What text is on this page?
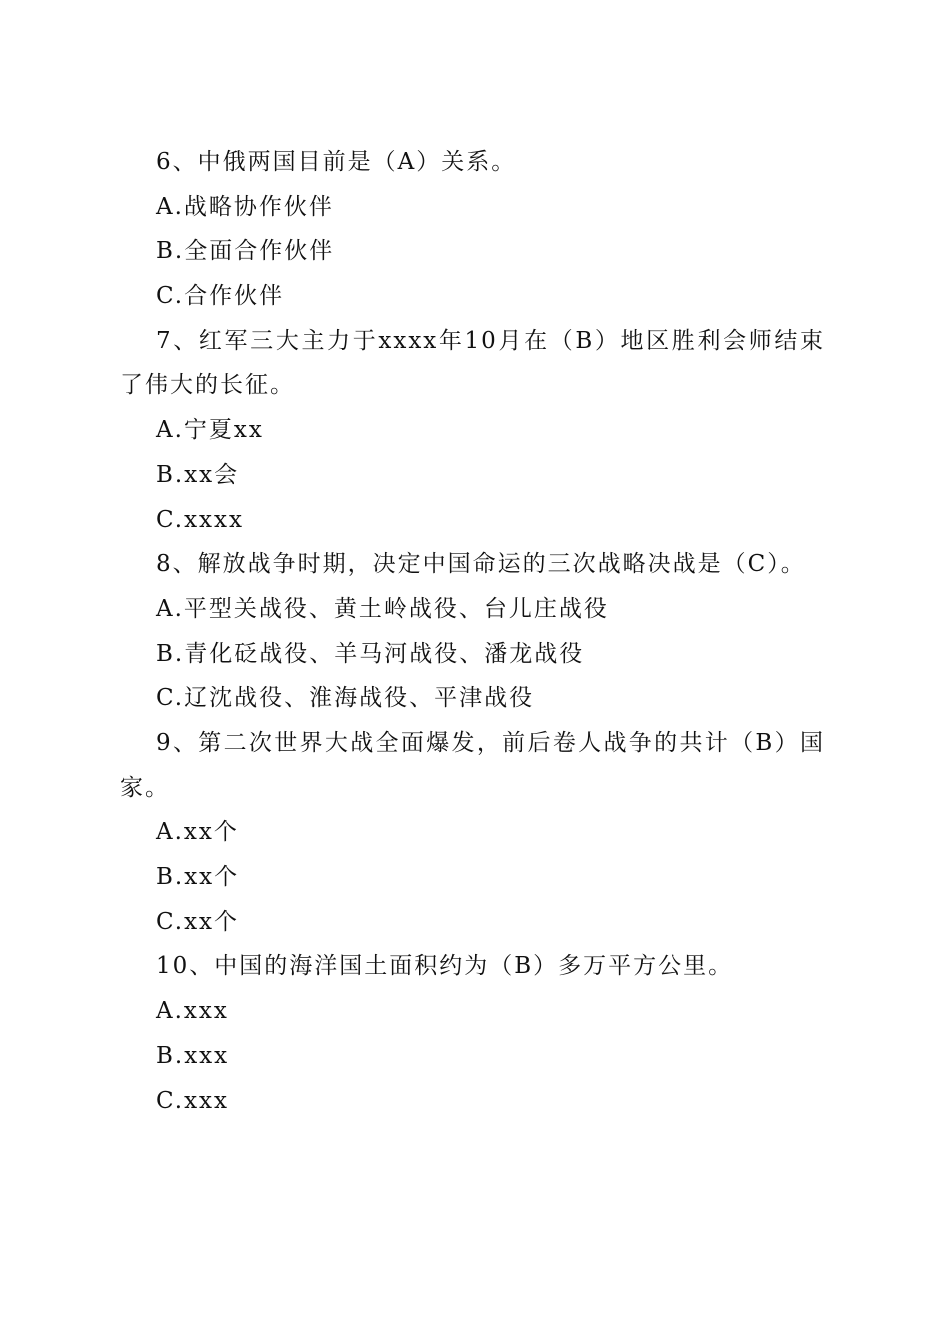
6、中俄两国目前是（A）关系。
A.战略协作伙伴
B.全面合作伙伴
C.合作伙伴
7、红军三大主力于xxxx年10月在（B）地区胜利会师结束了伟大的长征。
A.宁夏xx
B.xx会
C.xxxx
8、解放战争时期，决定中国命运的三次战略决战是（C）。
A.平型关战役、黄土岭战役、台儿庄战役
B.青化砭战役、羊马河战役、潘龙战役
C.辽沈战役、淮海战役、平津战役
9、第二次世界大战全面爆发，前后卷人战争的共计（B）国家。
A.xx个
B.xx个
C.xx个
10、中国的海洋国土面积约为（B）多万平方公里。
A.xxx
B.xxx
C.xxx
